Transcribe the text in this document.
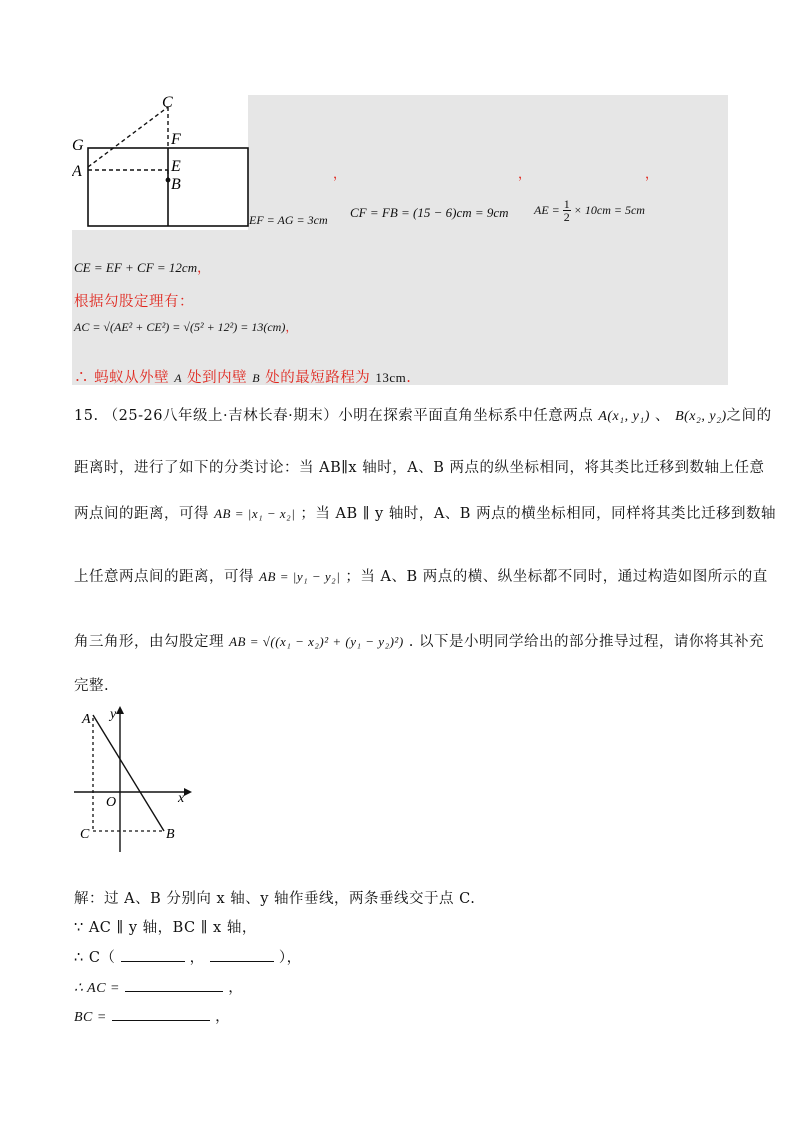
C
F
G
E
A
B
EF = AG = 3cm
，
CF = FB = (15 − 6)cm = 9cm
，
AE = $\frac{1}{2} \times 10cm = 5cm$
，
CE = EF + CF = 12cm，
根据勾股定理有：
AC = √(AE² + CE²) = √(5² + 12²) = 13(cm)，
∴ 蚂蚁从外壁 A 处到内壁 B 处的最短路程为 13cm.
15. （25-26八年级上·吉林长春·期末）小明在探索平面直角坐标系中任意两点 A(x₁, y₁) 、 B(x₂, y₂)之间的
距离时，进行了如下的分类讨论：当 AB∥x 轴时，A、B 两点的纵坐标相同，将其类比迁移到数轴上任意
两点间的距离，可得 AB = |x₁ − x₂| ；当 AB ∥ y 轴时，A、B 两点的横坐标相同，同样将其类比迁移到数轴
上任意两点间的距离，可得 AB = |y₁ − y₂| ；当 A、B 两点的横、纵坐标都不同时，通过构造如图所示的直
角三角形，由勾股定理 AB = √((x₁ − x₂)² + (y₁ − y₂)²) . 以下是小明同学给出的部分推导过程，请你将其补充
完整.
A y
O	x
C	B
解：过 A、B 分别向 x 轴、y 轴作垂线，两条垂线交于点 C.
∵ AC ∥ y 轴，BC ∥ x 轴，
∴ C（	，	），
∴ AC =	，
BC =	，
